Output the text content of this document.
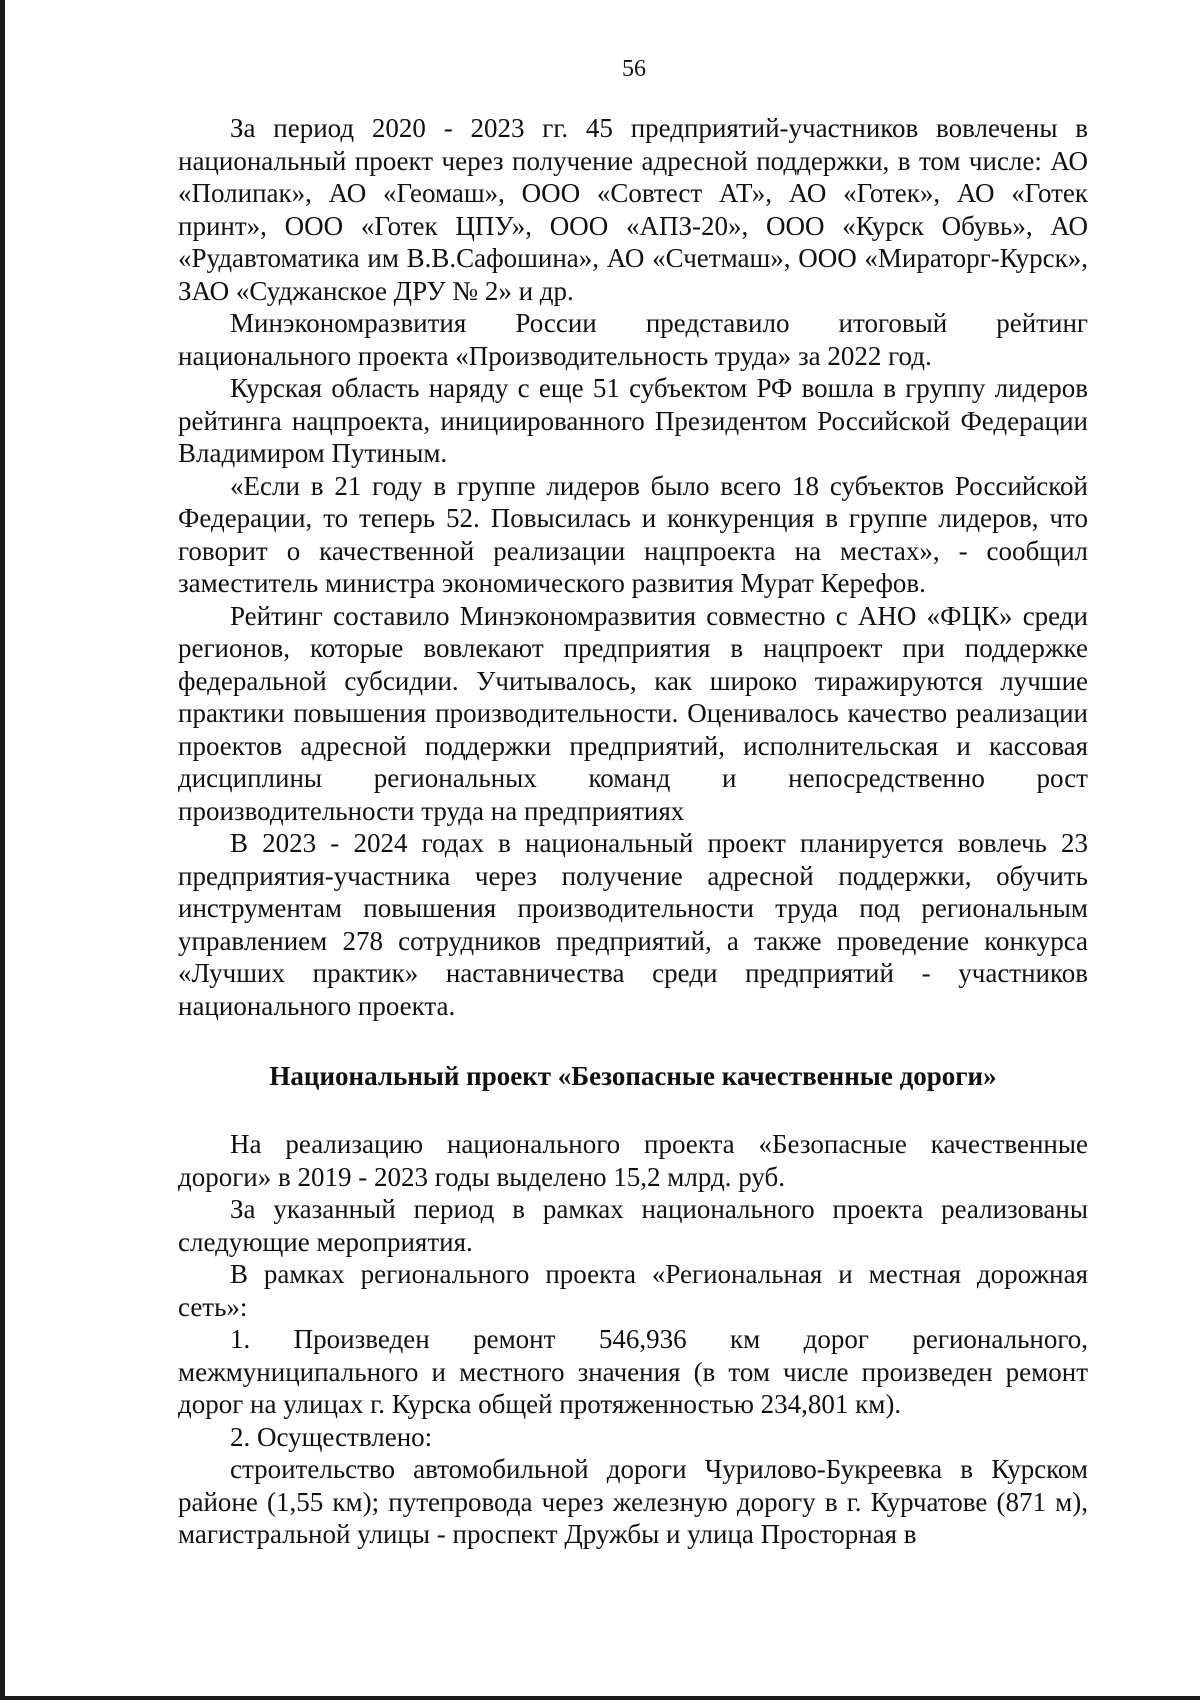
56

За период 2020 - 2023 гг. 45 предприятий-участников вовлечены в национальный проект через получение адресной поддержки, в том числе: АО «Полипак», АО «Геомаш», ООО «Совтест АТ», АО «Готек», АО «Готек принт», ООО «Готек ЦПУ», ООО «АПЗ-20», ООО «Курск Обувь», АО «Рудавтоматика им В.В.Сафошина», АО «Счетмаш», ООО «Мираторг-Курск», ЗАО «Суджанское ДРУ № 2» и др.

Минэкономразвития России представило итоговый рейтинг национального проекта «Производительность труда» за 2022 год.

Курская область наряду с еще 51 субъектом РФ вошла в группу лидеров рейтинга нацпроекта, инициированного Президентом Российской Федерации Владимиром Путиным.

«Если в 21 году в группе лидеров было всего 18 субъектов Российской Федерации, то теперь 52. Повысилась и конкуренция в группе лидеров, что говорит о качественной реализации нацпроекта на местах», - сообщил заместитель министра экономического развития Мурат Керефов.

Рейтинг составило Минэкономразвития совместно с АНО «ФЦК» среди регионов, которые вовлекают предприятия в нацпроект при поддержке федеральной субсидии. Учитывалось, как широко тиражируются лучшие практики повышения производительности. Оценивалось качество реализации проектов адресной поддержки предприятий, исполнительская и кассовая дисциплины региональных команд и непосредственно рост производительности труда на предприятиях

В 2023 - 2024 годах в национальный проект планируется вовлечь 23 предприятия-участника через получение адресной поддержки, обучить инструментам повышения производительности труда под региональным управлением 278 сотрудников предприятий, а также проведение конкурса «Лучших практик» наставничества среди предприятий - участников национального проекта.

Национальный проект «Безопасные качественные дороги»

На реализацию национального проекта «Безопасные качественные дороги» в 2019 - 2023 годы выделено 15,2 млрд. руб.

За указанный период в рамках национального проекта реализованы следующие мероприятия.

В рамках регионального проекта «Региональная и местная дорожная сеть»:

1. Произведен ремонт 546,936 км дорог регионального, межмуниципального и местного значения (в том числе произведен ремонт дорог на улицах г. Курска общей протяженностью 234,801 км).

2. Осуществлено:

строительство автомобильной дороги Чурилово-Букреевка в Курском районе (1,55 км); путепровода через железную дорогу в г. Курчатове (871 м), магистральной улицы - проспект Дружбы и улица Просторная в
